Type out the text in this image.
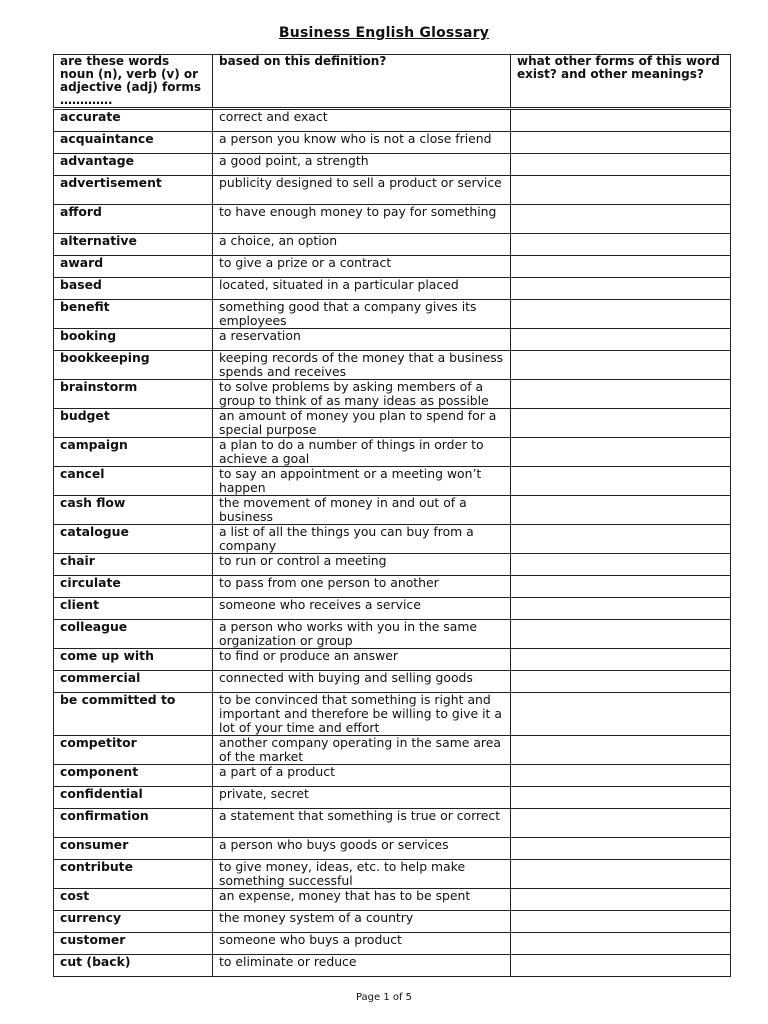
Business English Glossary
are these words noun (n), verb (v) or adjective (adj) forms ………….	based on this definition?	what other forms of this word exist? and other meanings?

accurate	correct and exact	
acquaintance	a person you know who is not a close friend	
advantage	a good point, a strength	
advertisement	publicity designed to sell a product or service	
afford	to have enough money to pay for something	
alternative	a choice, an option	
award	to give a prize or a contract	
based	located, situated in a particular placed	
benefit	something good that a company gives its employees	
booking	a reservation	
bookkeeping	keeping records of the money that a business spends and receives	
brainstorm	to solve problems by asking members of a group to think of as many ideas as possible	
budget	an amount of money you plan to spend for a special purpose	
campaign	a plan to do a number of things in order to achieve a goal	
cancel	to say an appointment or a meeting won’t happen	
cash flow	the movement of money in and out of a business	
catalogue	a list of all the things you can buy from a company	
chair	to run or control a meeting	
circulate	to pass from one person to another	
client	someone who receives a service	
colleague	a person who works with you in the same organization or group	
come up with	to find or produce an answer	
commercial	connected with buying and selling goods	
be committed to	to be convinced that something is right and important and therefore be willing to give it a lot of your time and effort	
competitor	another company operating in the same area of the market	
component	a part of a product	
confidential	private, secret	
confirmation	a statement that something is true or correct	
consumer	a person who buys goods or services	
contribute	to give money, ideas, etc. to help make something successful	
cost	an expense, money that has to be spent	
currency	the money system of a country	
customer	someone who buys a product	
cut (back)	to eliminate or reduce	
Page 1 of 5
